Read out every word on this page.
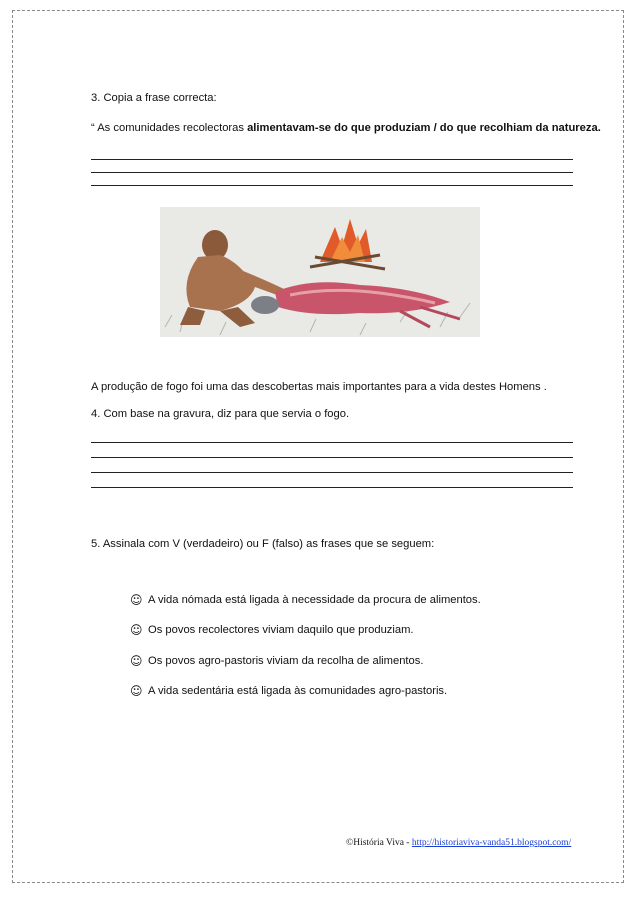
3. Copia a frase correcta:
“ As comunidades recolectoras alimentavam-se do que produziam / do que recolhiam da natureza.
A produção de fogo foi uma das descobertas mais importantes para a vida destes Homens .
4. Com base na gravura, diz para que servia o fogo.
5. Assinala com V (verdadeiro) ou F (falso) as frases que se seguem:
☺ A vida nómada está ligada à necessidade da procura de alimentos.
☺ Os povos recolectores viviam daquilo que produziam.
☺ Os povos agro-pastoris viviam da recolha de alimentos.
☺ A vida sedentária está ligada às comunidades agro-pastoris.
©História Viva - http://historiaviva-vanda51.blogspot.com/
